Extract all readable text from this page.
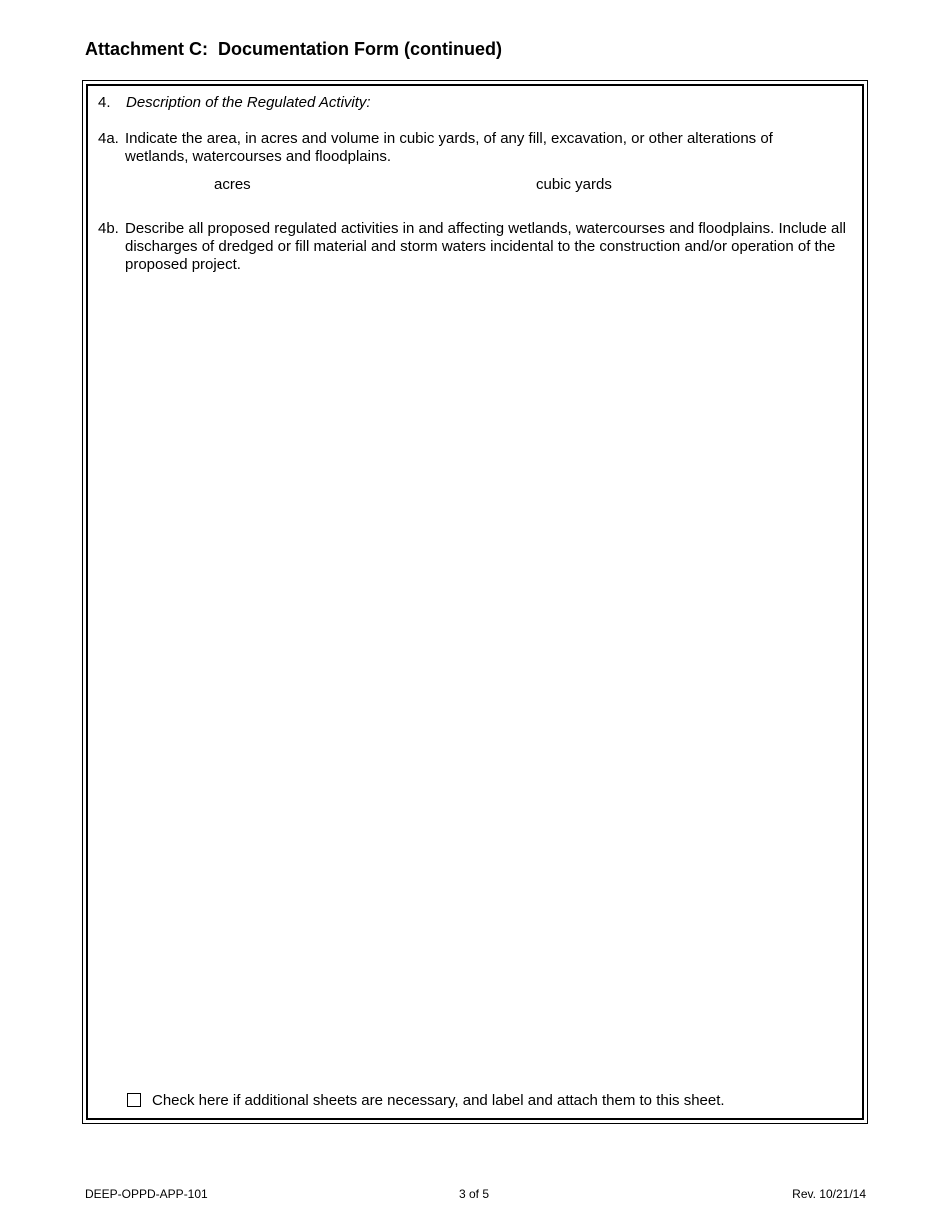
Attachment C:  Documentation Form (continued)
4. Description of the Regulated Activity:
4a. Indicate the area, in acres and volume in cubic yards, of any fill, excavation, or other alterations of wetlands, watercourses and floodplains.
acres	cubic yards
4b. Describe all proposed regulated activities in and affecting wetlands, watercourses and floodplains. Include all discharges of dredged or fill material and storm waters incidental to the construction and/or operation of the proposed project.
Check here if additional sheets are necessary, and label and attach them to this sheet.
DEEP-OPPD-APP-101	3 of 5	Rev. 10/21/14
